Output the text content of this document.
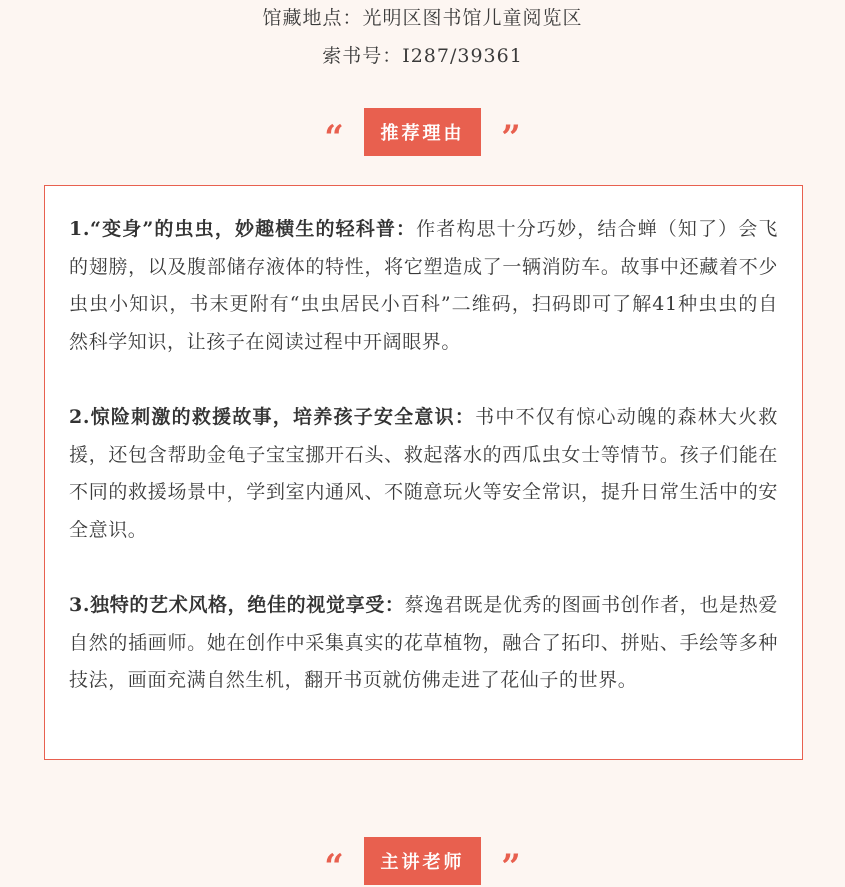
馆藏地点：光明区图书馆儿童阅览区
索书号：I287/39361
“	推荐理由	”

1.“变身”的虫虫，妙趣横生的轻科普：作者构思十分巧妙，结合蝉（知了）会飞的翅膀，以及腹部储存液体的特性，将它塑造成了一辆消防车。故事中还藏着不少虫虫小知识，书末更附有“虫虫居民小百科”二维码，扫码即可了解41种虫虫的自然科学知识，让孩子在阅读过程中开阔眼界。

2.惊险刺激的救援故事，培养孩子安全意识：书中不仅有惊心动魄的森林大火救援，还包含帮助金龟子宝宝挪开石头、救起落水的西瓜虫女士等情节。孩子们能在不同的救援场景中，学到室内通风、不随意玩火等安全常识，提升日常生活中的安全意识。

3.独特的艺术风格，绝佳的视觉享受：蔡逸君既是优秀的图画书创作者，也是热爱自然的插画师。她在创作中采集真实的花草植物，融合了拓印、拼贴、手绘等多种技法，画面充满自然生机，翻开书页就仿佛走进了花仙子的世界。

“	主讲老师	”
